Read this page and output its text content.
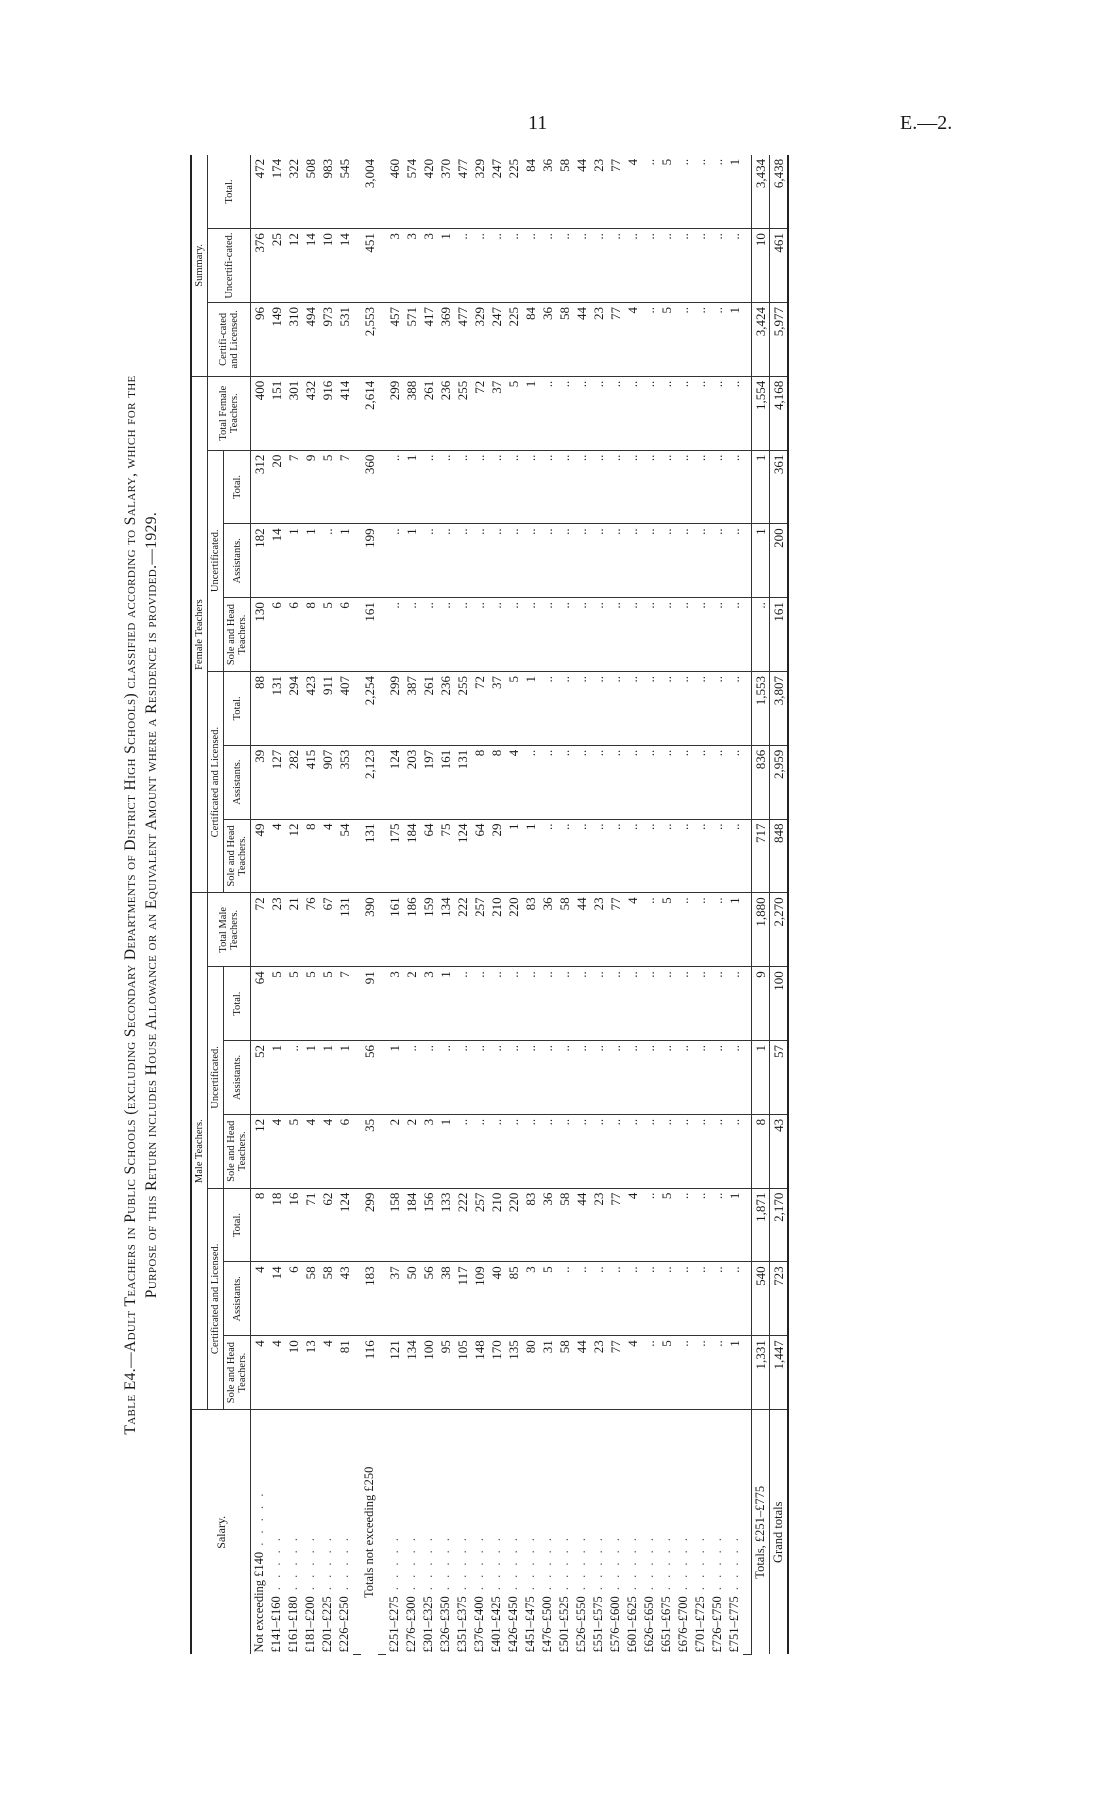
11	E.—2.
Table E4.—Adult Teachers in Public Schools (excluding Secondary Departments of District High Schools) classified according to Salary, which for the Purpose of this Return includes House Allowance or an Equivalent Amount where a Residence is provided.—1929.
Salary.	Male Teachers.							Female Teachers							Summary.		
	Certificated and Licensed.			Uncertificated.			Total Male Teachers.	Certificated and Licensed.			Uncertificated.			Total Female Teachers.	Certifi-cated and Licensed.	Uncertifi-cated.	Total.
	Sole and Head Teachers.	Assistants.	Total.	Sole and Head Teachers.	Assistants.	Total.		Sole and Head Teachers.	Assistants.	Total.	Sole and Head Teachers.	Assistants.	Total.				
Not exceeding £140 . . . . .	4	4	8	12	52	64	72	49	39	88	130	182	312	400	96	376	472
£141–£160 . . . . .	4	14	18	4	1	5	23	4	127	131	6	14	20	151	149	25	174
£161–£180 . . . . .	10	6	16	5	..	5	21	12	282	294	6	1	7	301	310	12	322
£181–£200 . . . . .	13	58	71	4	1	5	76	8	415	423	8	1	9	432	494	14	508
£201–£225 . . . . .	4	58	62	4	1	5	67	4	907	911	5	..	5	916	973	10	983
£226–£250 . . . . .	81	43	124	6	1	7	131	54	353	407	6	1	7	414	531	14	545

Totals not exceeding £250	116	183	299	35	56	91	390	131	2,123	2,254	161	199	360	2,614	2,553	451	3,004

£251–£275 . . . . .	121	37	158	2	1	3	161	175	124	299	..	..	..	299	457	3	460
£276–£300 . . . . .	134	50	184	2	..	2	186	184	203	387	..	1	1	388	571	3	574
£301–£325 . . . . .	100	56	156	3	..	3	159	64	197	261	..	..	..	261	417	3	420
£326–£350 . . . . .	95	38	133	1	..	1	134	75	161	236	..	..	..	236	369	1	370
£351–£375 . . . . .	105	117	222	..	..	..	222	124	131	255	..	..	..	255	477	..	477
£376–£400 . . . . .	148	109	257	..	..	..	257	64	8	72	..	..	..	72	329	..	329
£401–£425 . . . . .	170	40	210	..	..	..	210	29	8	37	..	..	..	37	247	..	247
£426–£450 . . . . .	135	85	220	..	..	..	220	1	4	5	..	..	..	5	225	..	225
£451–£475 . . . . .	80	3	83	..	..	..	83	1	..	1	..	..	..	1	84	..	84
£476–£500 . . . . .	31	5	36	..	..	..	36	..	..	..	..	..	..	..	36	..	36
£501–£525 . . . . .	58	..	58	..	..	..	58	..	..	..	..	..	..	..	58	..	58
£526–£550 . . . . .	44	..	44	..	..	..	44	..	..	..	..	..	..	..	44	..	44
£551–£575 . . . . .	23	..	23	..	..	..	23	..	..	..	..	..	..	..	23	..	23
£576–£600 . . . . .	77	..	77	..	..	..	77	..	..	..	..	..	..	..	77	..	77
£601–£625 . . . . .	4	..	4	..	..	..	4	..	..	..	..	..	..	..	4	..	4
£626–£650 . . . . .	..	..	..	..	..	..	..	..	..	..	..	..	..	..	..	..	..
£651–£675 . . . . .	5	..	5	..	..	..	5	..	..	..	..	..	..	..	5	..	5
£676–£700 . . . . .	..	..	..	..	..	..	..	..	..	..	..	..	..	..	..	..	..
£701–£725 . . . . .	..	..	..	..	..	..	..	..	..	..	..	..	..	..	..	..	..
£726–£750 . . . . .	..	..	..	..	..	..	..	..	..	..	..	..	..	..	..	..	..
£751–£775 . . . . .	1	..	1	..	..	..	1	..	..	..	..	..	..	..	1	..	1

Totals, £251–£775	1,331	540	1,871	8	1	9	1,880	717	836	1,553	..	1	1	1,554	3,424	10	3,434
Grand totals	1,447	723	2,170	43	57	100	2,270	848	2,959	3,807	161	200	361	4,168	5,977	461	6,438
